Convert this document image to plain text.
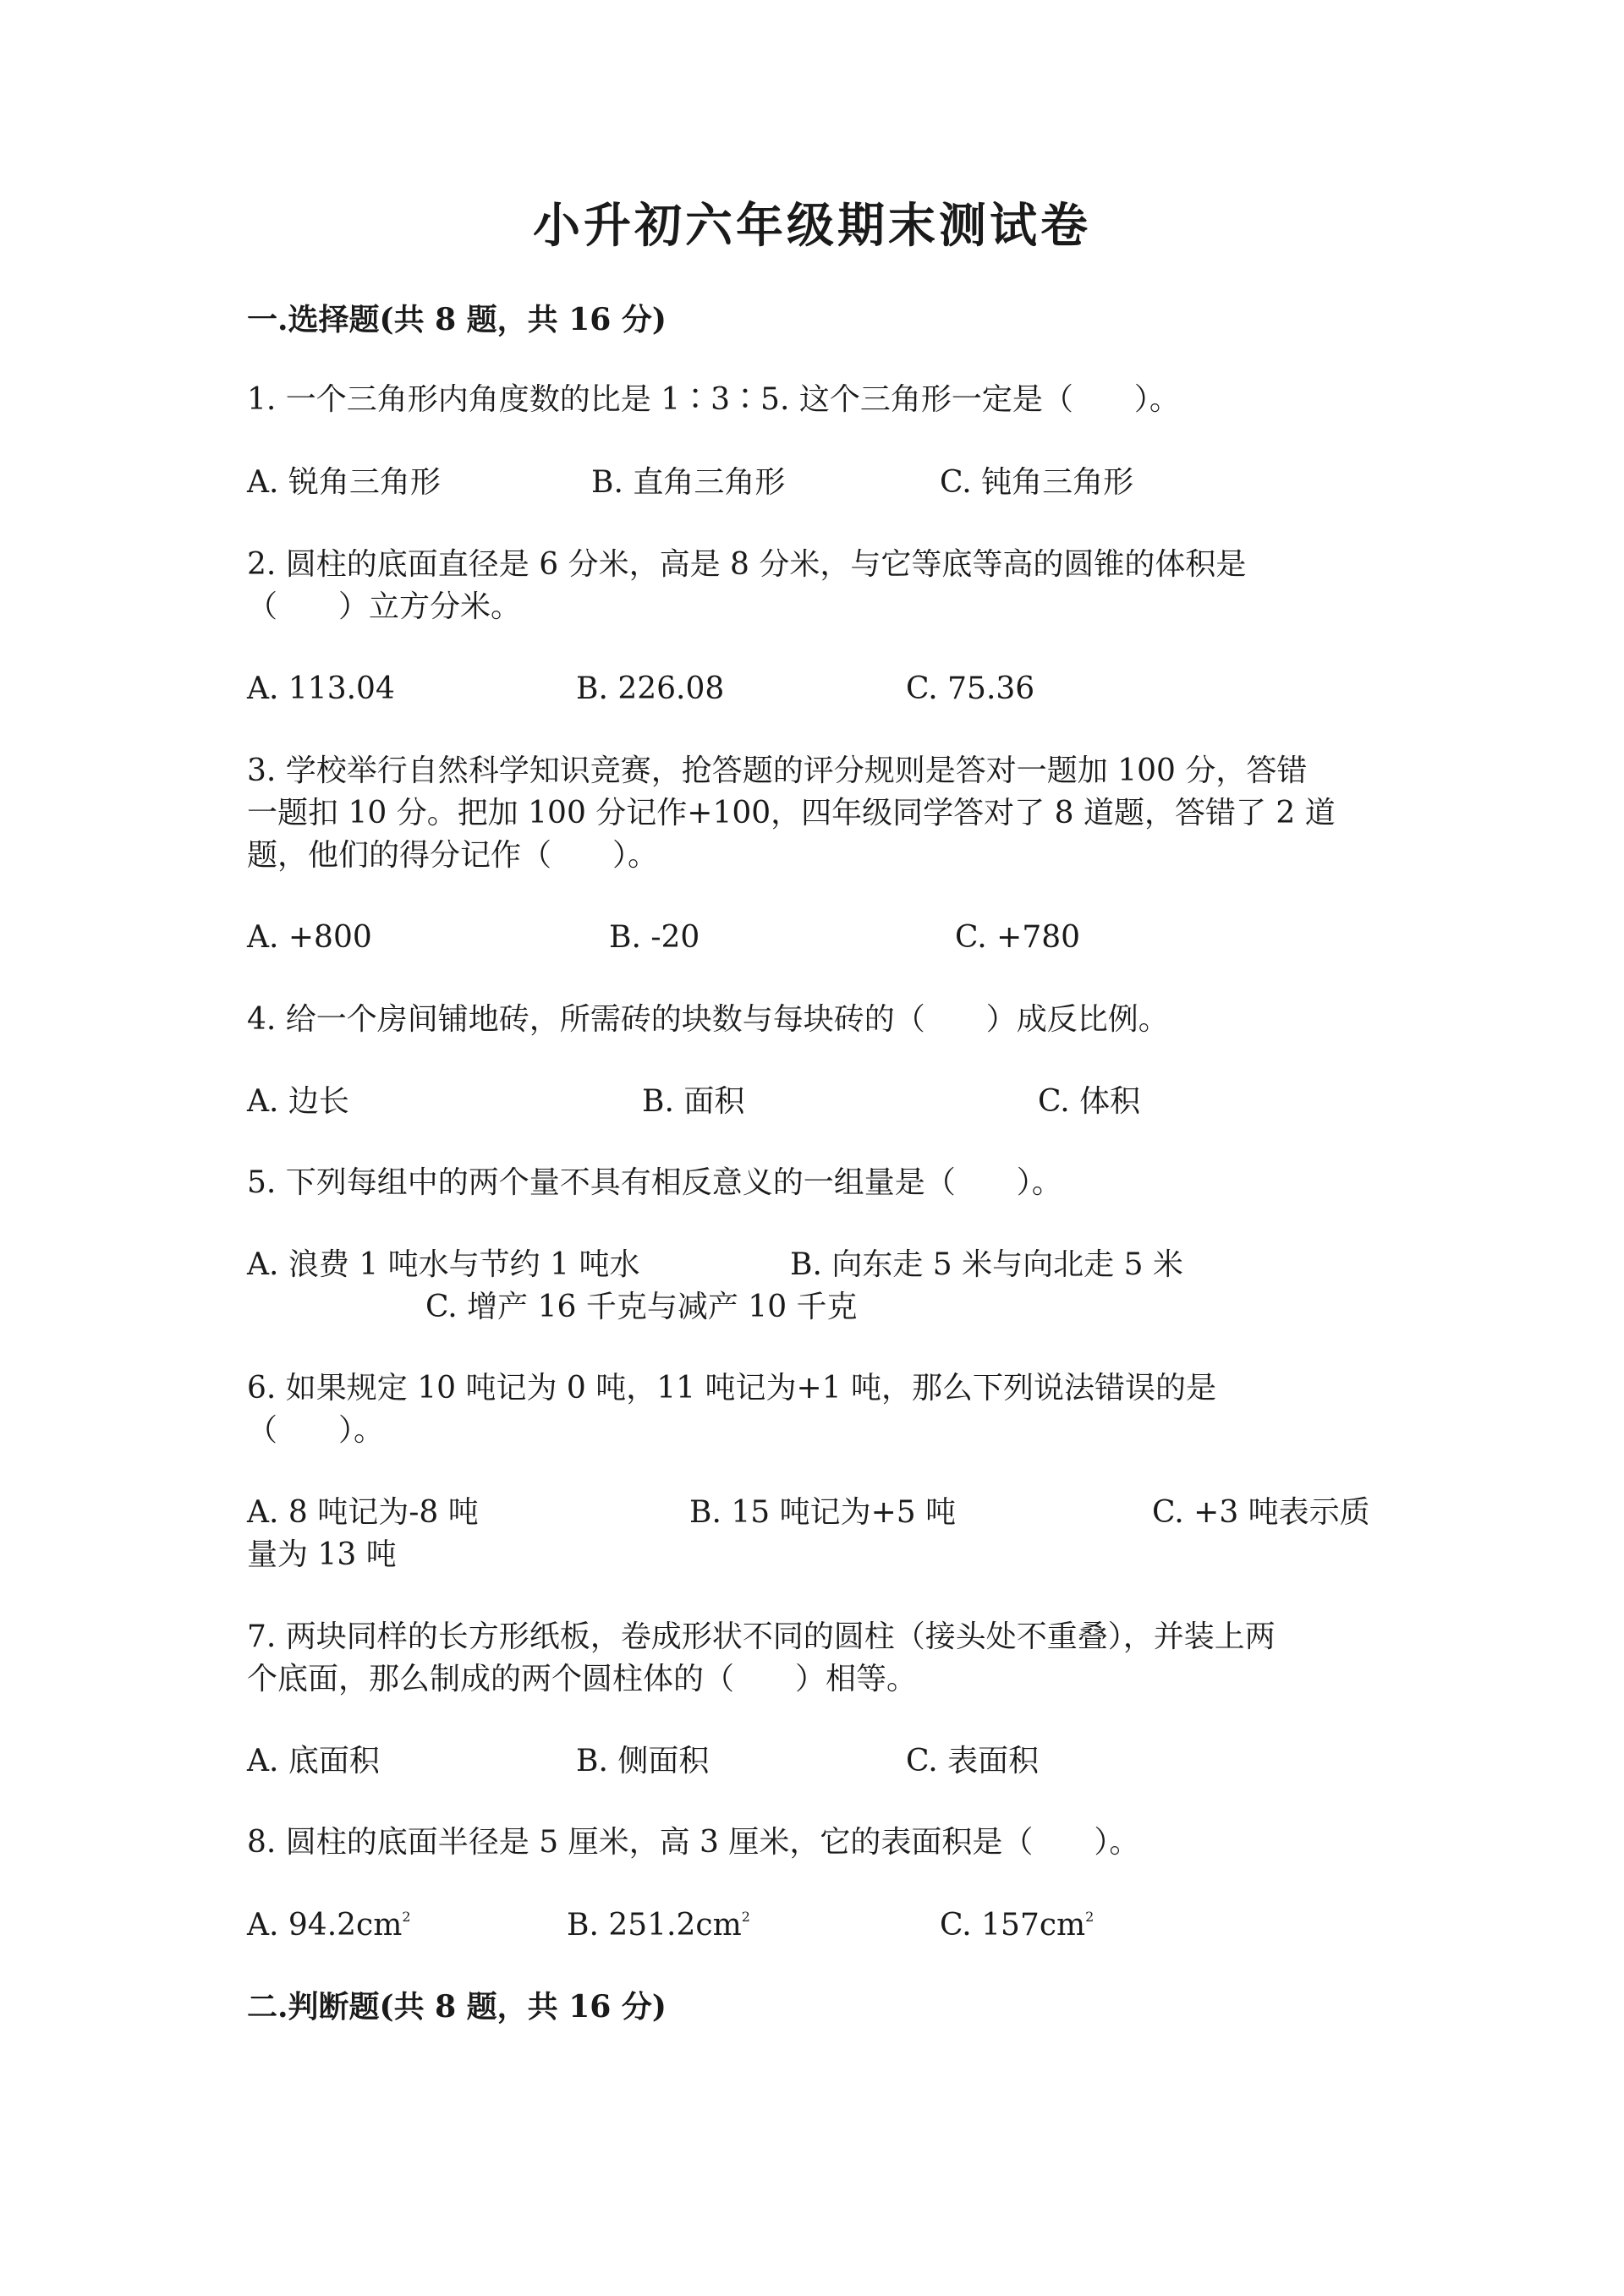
小升初六年级期末测试卷
一.选择题(共 8 题，共 16 分)
1. 一个三角形内角度数的比是 1∶3∶5. 这个三角形一定是（　　）。
A. 锐角三角形	B. 直角三角形	C. 钝角三角形
2. 圆柱的底面直径是 6 分米，高是 8 分米，与它等底等高的圆锥的体积是
（　　）立方分米。
A. 113.04	B. 226.08	C. 75.36
3. 学校举行自然科学知识竞赛，抢答题的评分规则是答对一题加 100 分，答错
一题扣 10 分。把加 100 分记作+100，四年级同学答对了 8 道题，答错了 2 道
题，他们的得分记作（　　）。
A. +800	B. -20	C. +780
4. 给一个房间铺地砖，所需砖的块数与每块砖的（　　）成反比例。
A. 边长	B. 面积	C. 体积
5. 下列每组中的两个量不具有相反意义的一组量是（　　）。
A. 浪费 1 吨水与节约 1 吨水	B. 向东走 5 米与向北走 5 米
C. 增产 16 千克与减产 10 千克
6. 如果规定 10 吨记为 0 吨，11 吨记为+1 吨，那么下列说法错误的是
（　　）。
A. 8 吨记为-8 吨	B. 15 吨记为+5 吨	C. +3 吨表示质
量为 13 吨
7. 两块同样的长方形纸板，卷成形状不同的圆柱（接头处不重叠），并装上两
个底面，那么制成的两个圆柱体的（　　）相等。
A. 底面积	B. 侧面积	C. 表面积
8. 圆柱的底面半径是 5 厘米，高 3 厘米，它的表面积是（　　）。
A. $94.2cm^2$	B. $251.2cm^2$	C. $157cm^2$
二.判断题(共 8 题，共 16 分)
